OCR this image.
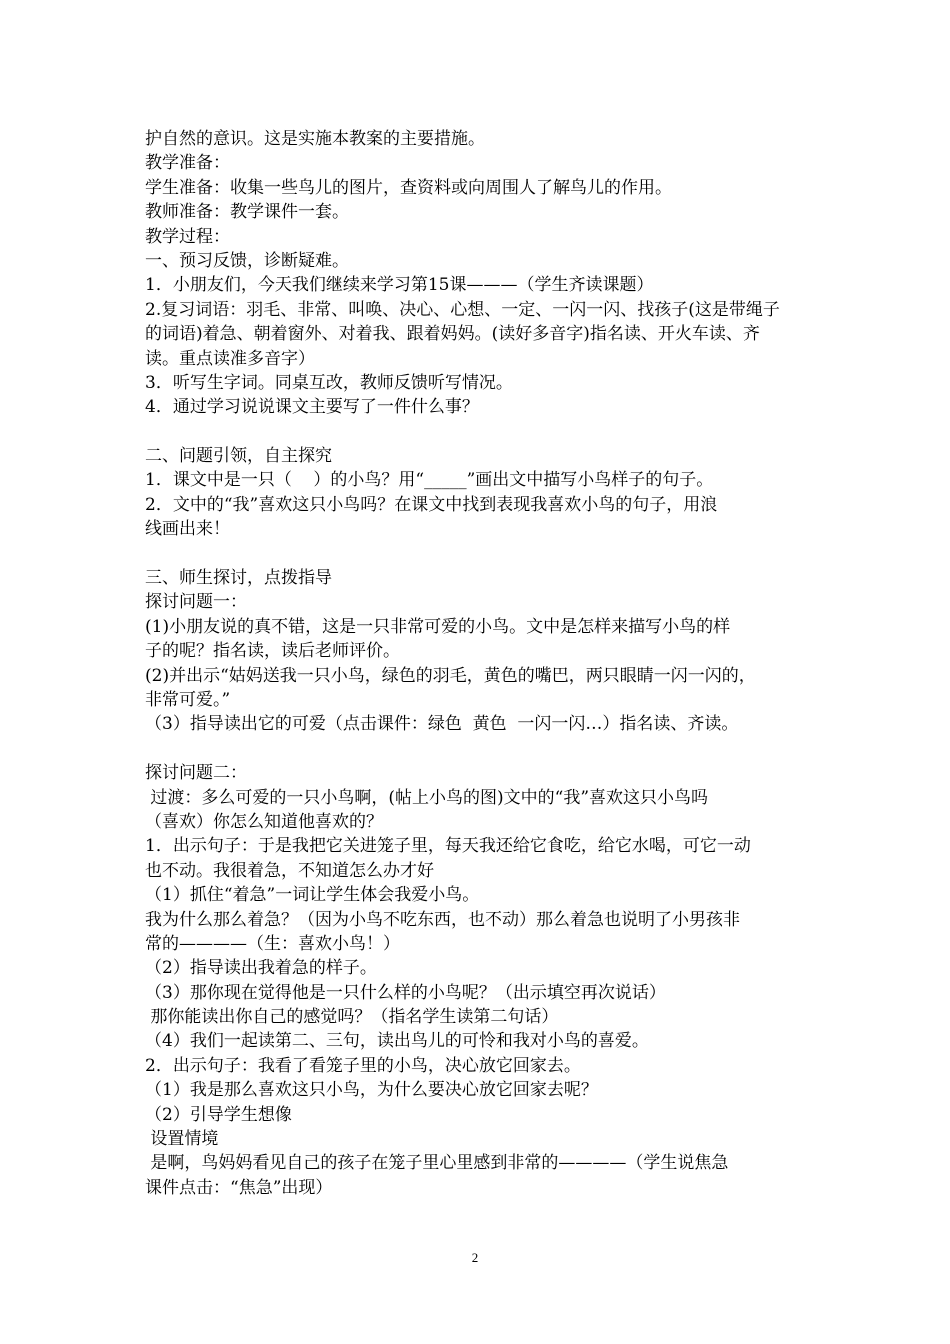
护自然的意识。这是实施本教案的主要措施。
教学准备：
学生准备：收集一些鸟儿的图片，查资料或向周围人了解鸟儿的作用。
教师准备：教学课件一套。
教学过程：
一、预习反馈，诊断疑难。
1．小朋友们，今天我们继续来学习第15课———（学生齐读课题）
2.复习词语：羽毛、非常、叫唤、决心、心想、一定、一闪一闪、找孩子(这是带绳子
的词语)着急、朝着窗外、对着我、跟着妈妈。(读好多音字)指名读、开火车读、齐
读。重点读准多音字）
3．听写生字词。同桌互改，教师反馈听写情况。
4．通过学习说说课文主要写了一件什么事？
二、问题引领，自主探究
1．课文中是一只（    ）的小鸟？用“_____”画出文中描写小鸟样子的句子。
2．文中的“我”喜欢这只小鸟吗？在课文中找到表现我喜欢小鸟的句子，用浪
线画出来！
三、师生探讨，点拨指导
探讨问题一：
(1)小朋友说的真不错，这是一只非常可爱的小鸟。文中是怎样来描写小鸟的样
子的呢？指名读，读后老师评价。
(2)并出示“姑妈送我一只小鸟，绿色的羽毛，黄色的嘴巴，两只眼睛一闪一闪的，
非常可爱。”
（3）指导读出它的可爱（点击课件：绿色  黄色  一闪一闪…）指名读、齐读。
探讨问题二：
过渡：多么可爱的一只小鸟啊，(帖上小鸟的图)文中的“我”喜欢这只小鸟吗
（喜欢）你怎么知道他喜欢的？
1．出示句子：于是我把它关进笼子里，每天我还给它食吃，给它水喝，可它一动
也不动。我很着急，不知道怎么办才好
（1）抓住“着急”一词让学生体会我爱小鸟。
我为什么那么着急？（因为小鸟不吃东西，也不动）那么着急也说明了小男孩非
常的————（生：喜欢小鸟！）
（2）指导读出我着急的样子。
（3）那你现在觉得他是一只什么样的小鸟呢？（出示填空再次说话）
那你能读出你自己的感觉吗？（指名学生读第二句话）
（4）我们一起读第二、三句，读出鸟儿的可怜和我对小鸟的喜爱。
2．出示句子：我看了看笼子里的小鸟，决心放它回家去。
（1）我是那么喜欢这只小鸟，为什么要决心放它回家去呢？
（2）引导学生想像
设置情境
是啊，鸟妈妈看见自己的孩子在笼子里心里感到非常的————（学生说焦急
课件点击：“焦急”出现）
2
